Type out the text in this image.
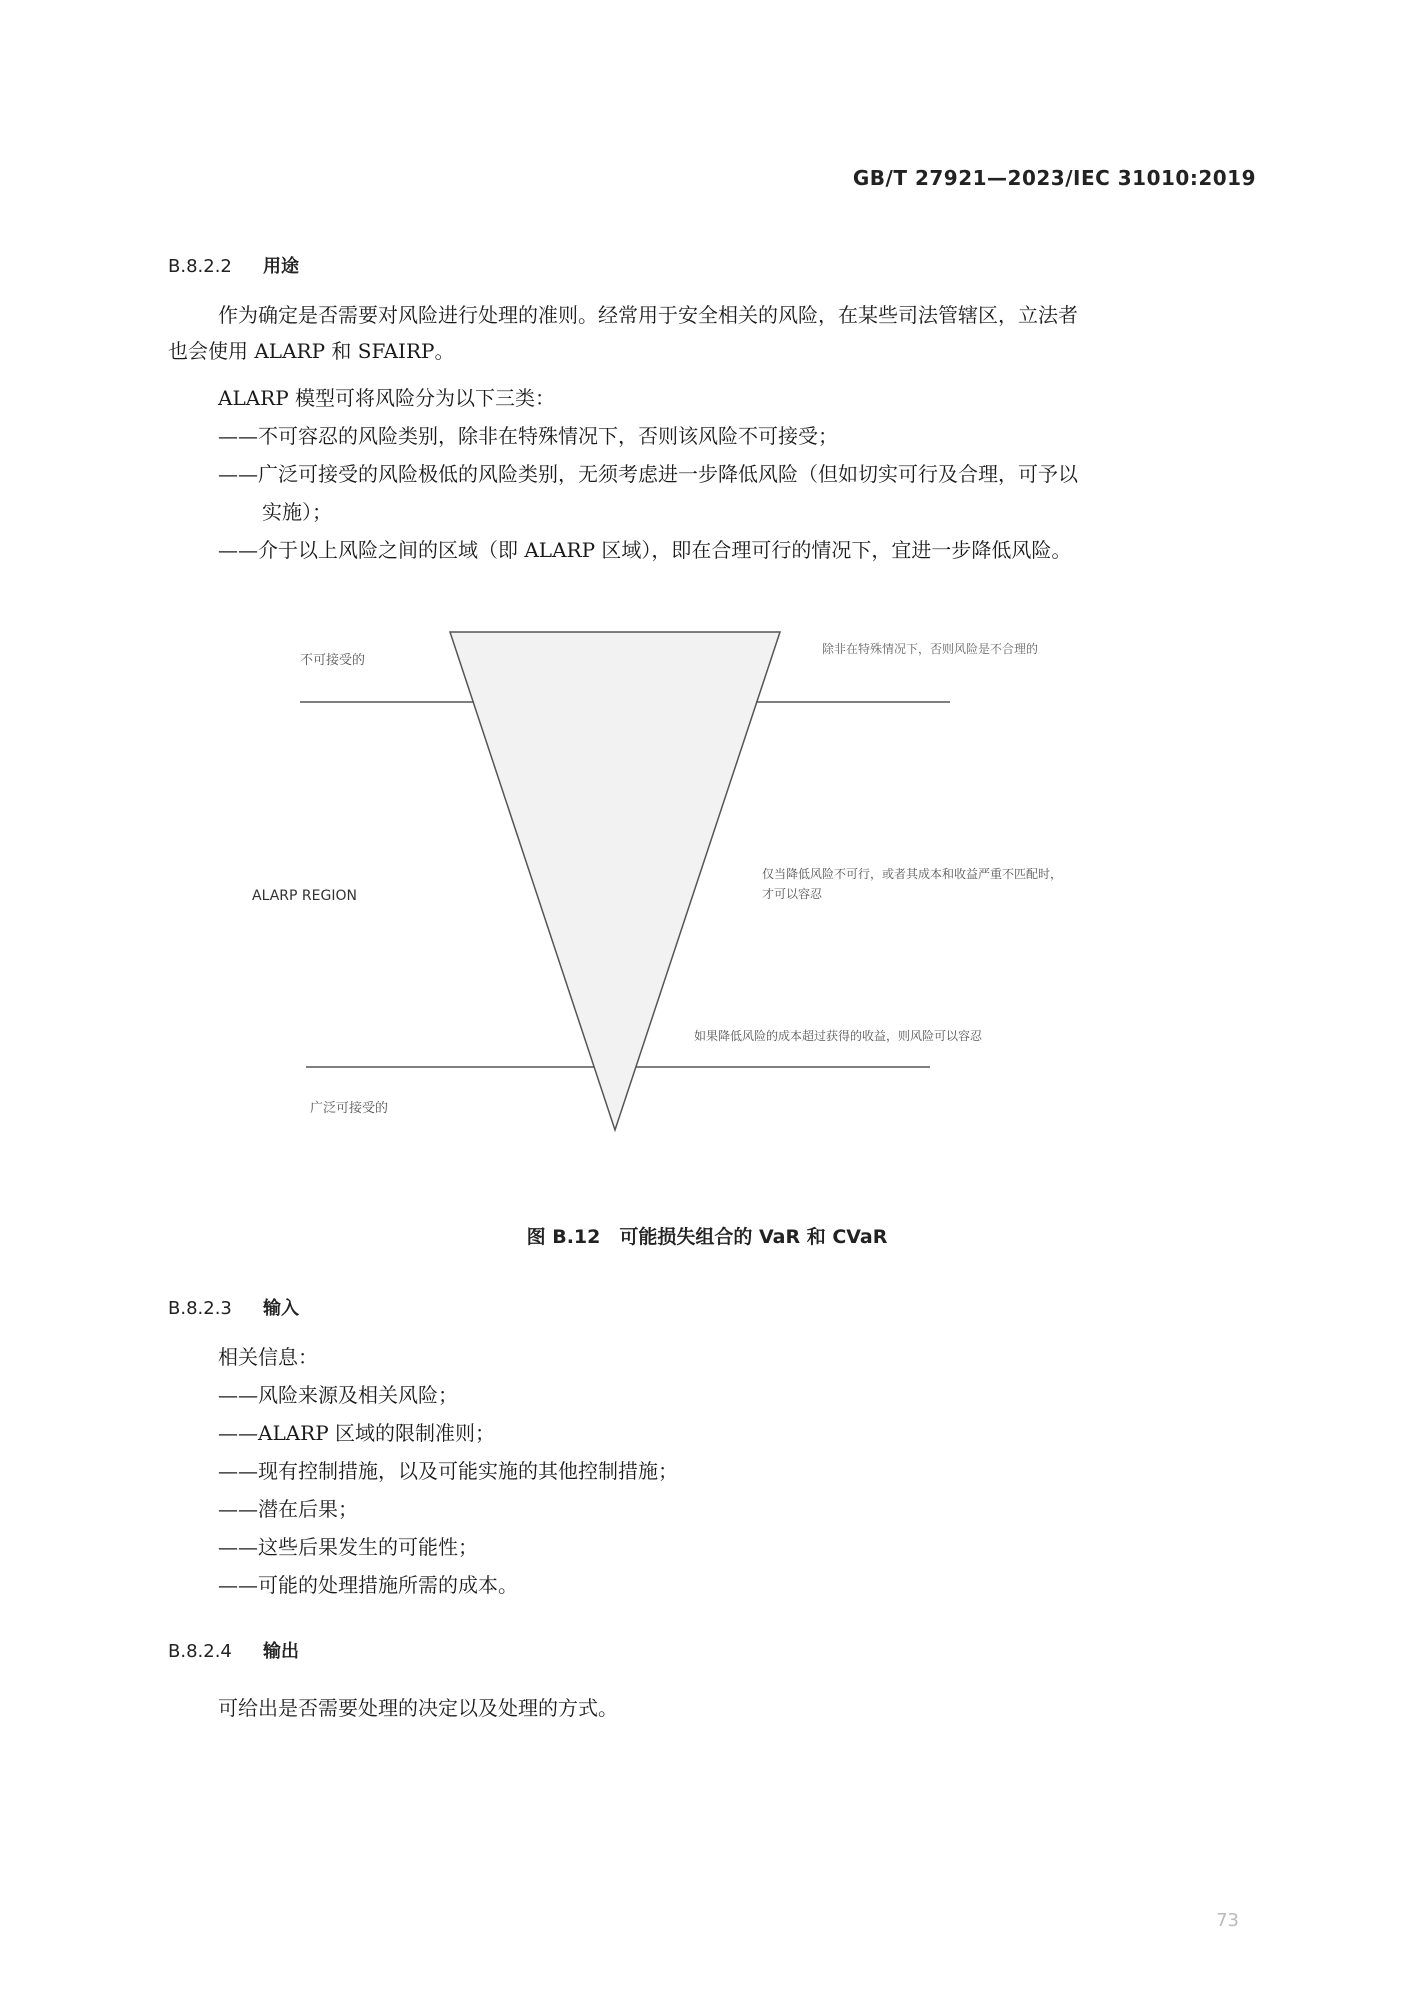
GB/T 27921—2023/IEC 31010:2019
B.8.2.2 用途
作为确定是否需要对风险进行处理的准则。经常用于安全相关的风险，在某些司法管辖区，立法者
也会使用 ALARP 和 SFAIRP。
ALARP 模型可将风险分为以下三类：
——不可容忍的风险类别，除非在特殊情况下，否则该风险不可接受；
——广泛可接受的风险极低的风险类别，无须考虑进一步降低风险（但如切实可行及合理，可予以
实施）；
——介于以上风险之间的区域（即 ALARP 区域），即在合理可行的情况下，宜进一步降低风险。
不可接受的
ALARP REGION
广泛可接受的
除非在特殊情况下，否则风险是不合理的
仅当降低风险不可行，或者其成本和收益严重不匹配时，
才可以容忍
如果降低风险的成本超过获得的收益，则风险可以容忍
图 B.12　可能损失组合的 VaR 和 CVaR
B.8.2.3 输入
相关信息：
——风险来源及相关风险；
——ALARP 区域的限制准则；
——现有控制措施，以及可能实施的其他控制措施；
——潜在后果；
——这些后果发生的可能性；
——可能的处理措施所需的成本。
B.8.2.4 输出
可给出是否需要处理的决定以及处理的方式。
73
